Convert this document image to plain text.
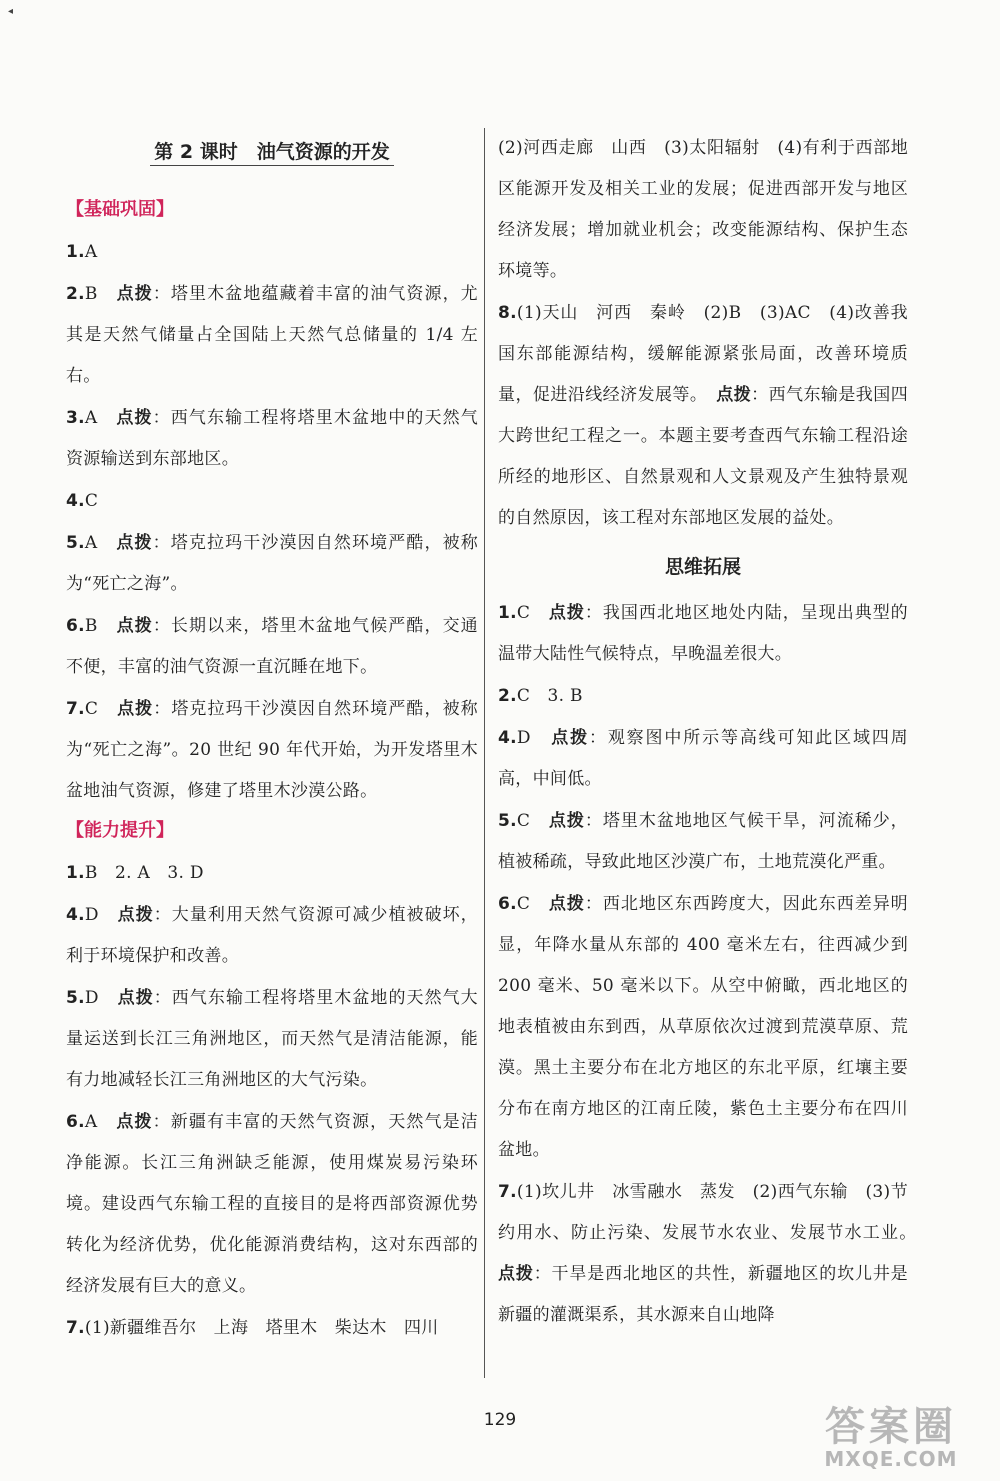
◂
第 2 课时　油气资源的开发
【基础巩固】
1.A
2.B　 点拨：塔里木盆地蕴藏着丰富的油气资源，尤其是天然气储量占全国陆上天然气总储量的 1/4 左右。
3.A　 点拨：西气东输工程将塔里木盆地中的天然气资源输送到东部地区。
4.C
5.A　 点拨：塔克拉玛干沙漠因自然环境严酷，被称为“死亡之海”。
6.B　 点拨：长期以来，塔里木盆地气候严酷，交通不便，丰富的油气资源一直沉睡在地下。
7.C　 点拨：塔克拉玛干沙漠因自然环境严酷，被称为“死亡之海”。20 世纪 90 年代开始，为开发塔里木盆地油气资源，修建了塔里木沙漠公路。
【能力提升】
1.B　2. A　3. D
4.D　 点拨：大量利用天然气资源可减少植被破坏，利于环境保护和改善。
5.D　 点拨：西气东输工程将塔里木盆地的天然气大量运送到长江三角洲地区，而天然气是清洁能源，能有力地减轻长江三角洲地区的大气污染。
6.A　 点拨：新疆有丰富的天然气资源，天然气是洁净能源。长江三角洲缺乏能源，使用煤炭易污染环境。建设西气东输工程的直接目的是将西部资源优势转化为经济优势，优化能源消费结构，这对东西部的经济发展有巨大的意义。
7.(1)新疆维吾尔　上海　塔里木　柴达木　四川
(2)河西走廊　山西　(3)太阳辐射　(4)有利于西部地区能源开发及相关工业的发展；促进西部开发与地区经济发展；增加就业机会；改变能源结构、保护生态环境等。
8.(1)天山　河西　秦岭　(2)B　(3)AC　(4)改善我国东部能源结构，缓解能源紧张局面，改善环境质量，促进沿线经济发展等。　 点拨：西气东输是我国四大跨世纪工程之一。本题主要考查西气东输工程沿途所经的地形区、自然景观和人文景观及产生独特景观的自然原因，该工程对东部地区发展的益处。
思维拓展
1.C　 点拨：我国西北地区地处内陆，呈现出典型的温带大陆性气候特点，早晚温差很大。
2.C　3. B
4.D　 点拨：观察图中所示等高线可知此区域四周高，中间低。
5.C　 点拨：塔里木盆地地区气候干旱，河流稀少，植被稀疏，导致此地区沙漠广布，土地荒漠化严重。
6.C　 点拨：西北地区东西跨度大，因此东西差异明显，年降水量从东部的 400 毫米左右，往西减少到 200 毫米、50 毫米以下。从空中俯瞰，西北地区的地表植被由东到西，从草原依次过渡到荒漠草原、荒漠。黑土主要分布在北方地区的东北平原，红壤主要分布在南方地区的江南丘陵，紫色土主要分布在四川盆地。
7.(1)坎儿井　冰雪融水　蒸发　(2)西气东输　(3)节约用水、防止污染、发展节水农业、发展节水工业。　点拨：干旱是西北地区的共性，新疆地区的坎儿井是新疆的灌溉渠系，其水源来自山地降
129	答案圈
MXQE.COM
